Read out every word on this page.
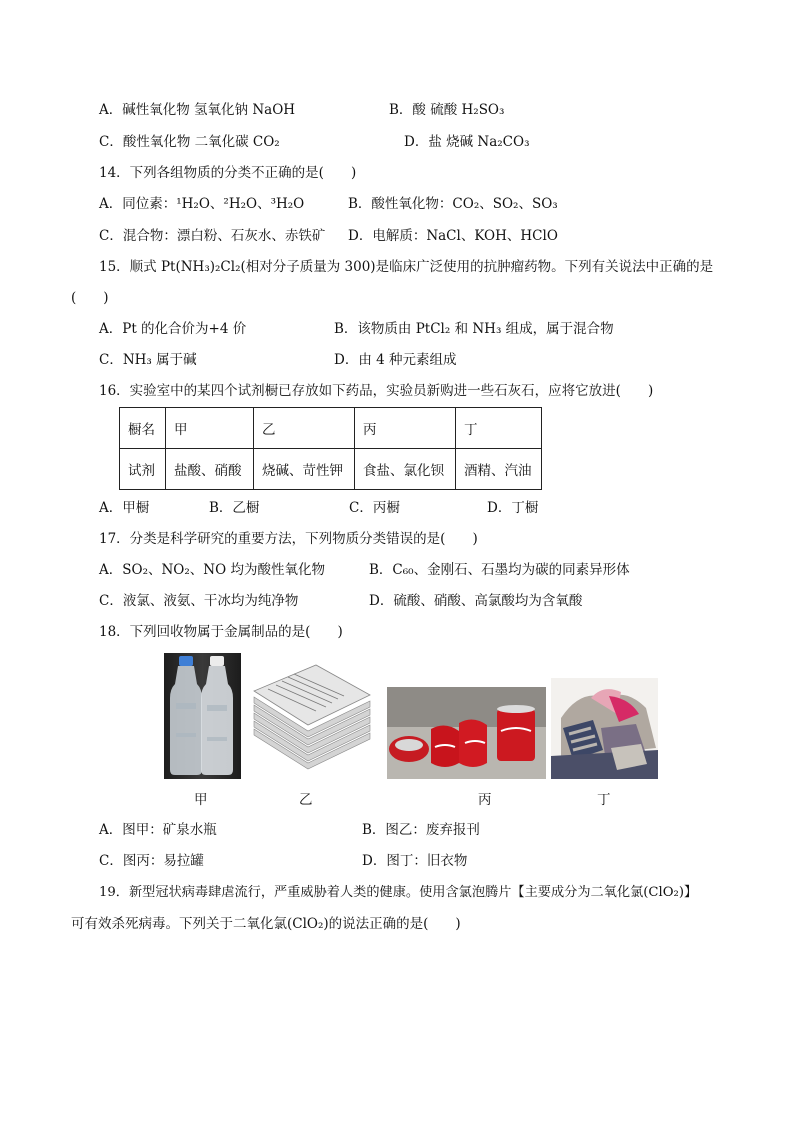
A．碱性氧化物 氢氧化钠 NaOH	B．酸 硫酸 H₂SO₃
C．酸性氧化物 二氧化碳 CO₂	D．盐 烧碱 Na₂CO₃
14．下列各组物质的分类不正确的是(　　)
A．同位素：¹H₂O、²H₂O、³H₂O	B．酸性氧化物：CO₂、SO₂、SO₃
C．混合物：漂白粉、石灰水、赤铁矿 D．电解质：NaCl、KOH、HClO
15．顺式 Pt(NH₃)₂Cl₂(相对分子质量为 300)是临床广泛使用的抗肿瘤药物。下列有关说法中正确的是
(　　)
A．Pt 的化合价为+4 价	B．该物质由 PtCl₂ 和 NH₃ 组成，属于混合物
C．NH₃ 属于碱	D．由 4 种元素组成
16．实验室中的某四个试剂橱已存放如下药品，实验员新购进一些石灰石，应将它放进(　　)
橱名	甲	乙	丙	丁
试剂	盐酸、硝酸	烧碱、苛性钾	食盐、氯化钡	酒精、汽油
A．甲橱	B．乙橱	C．丙橱	D．丁橱
17．分类是科学研究的重要方法，下列物质分类错误的是(　　)
A．SO₂、NO₂、NO 均为酸性氧化物	B．C₆₀、金刚石、石墨均为碳的同素异形体
C．液氯、液氨、干冰均为纯净物	D．硫酸、硝酸、高氯酸均为含氧酸
18．下列回收物属于金属制品的是(　　)
甲	乙	丙	丁
A．图甲：矿泉水瓶	B．图乙：废弃报刊
C．图丙：易拉罐	D．图丁：旧衣物
19．新型冠状病毒肆虐流行，严重威胁着人类的健康。使用含氯泡腾片【主要成分为二氧化氯(ClO₂)】
可有效杀死病毒。下列关于二氧化氯(ClO₂)的说法正确的是(　　)
